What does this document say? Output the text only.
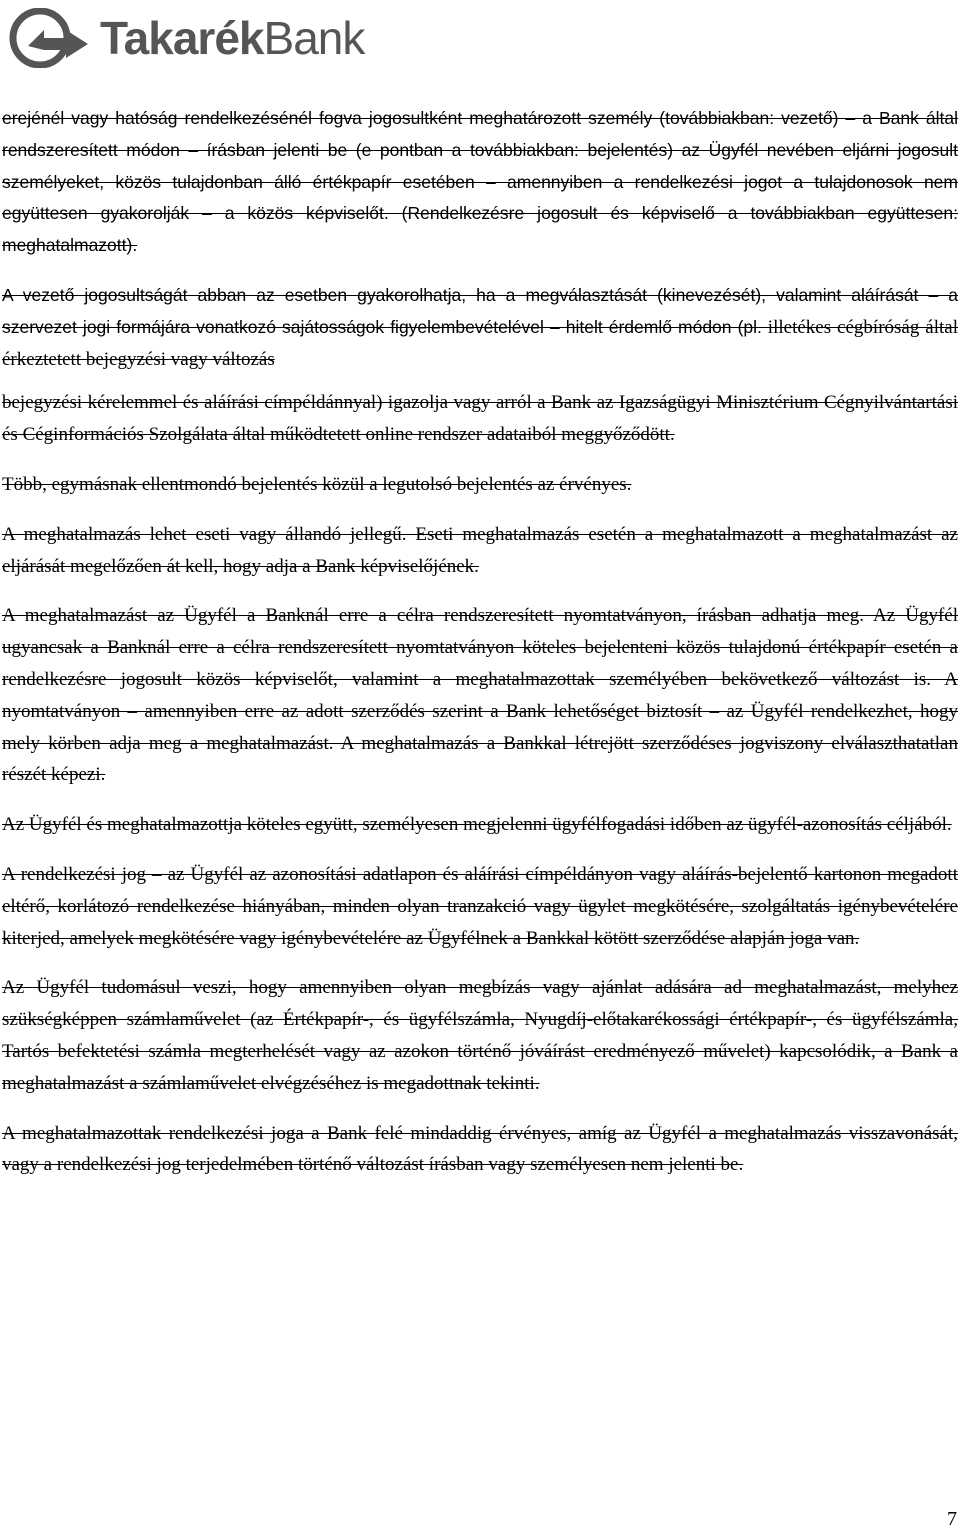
TakarékBank

erejénél vagy hatóság rendelkezésénél fogva jogosultként meghatározott személy (továbbiakban: vezető) – a Bank által rendszeresített módon – írásban jelenti be (e pontban a továbbiakban: bejelentés) az Ügyfél nevében eljárni jogosult személyeket, közös tulajdonban álló értékpapír esetében – amennyiben a rendelkezési jogot a tulajdonosok nem együttesen gyakorolják – a közös képviselőt. (Rendelkezésre jogosult és képviselő a továbbiakban együttesen: meghatalmazott).

A vezető jogosultságát abban az esetben gyakorolhatja, ha a megválasztását (kinevezését), valamint aláírását – a szervezet jogi formájára vonatkozó sajátosságok figyelembevételével – hitelt érdemlő módon (pl. illetékes cégbíróság által érkeztetett bejegyzési vagy változás

bejegyzési kérelemmel és aláírási címpéldánnyal) igazolja vagy arról a Bank az Igazságügyi Minisztérium Cégnyilvántartási és Céginformációs Szolgálata által működtetett online rendszer adataiból meggyőződött.

Több, egymásnak ellentmondó bejelentés közül a legutolsó bejelentés az érvényes.

A meghatalmazás lehet eseti vagy állandó jellegű. Eseti meghatalmazás esetén a meghatalmazott a meghatalmazást az eljárását megelőzően át kell, hogy adja a Bank képviselőjének.

A meghatalmazást az Ügyfél a Banknál erre a célra rendszeresített nyomtatványon, írásban adhatja meg. Az Ügyfél ugyancsak a Banknál erre a célra rendszeresített nyomtatványon köteles bejelenteni közös tulajdonú értékpapír esetén a rendelkezésre jogosult közös képviselőt, valamint a meghatalmazottak személyében bekövetkező változást is. A nyomtatványon – amennyiben erre az adott szerződés szerint a Bank lehetőséget biztosít – az Ügyfél rendelkezhet, hogy mely körben adja meg a meghatalmazást. A meghatalmazás a Bankkal létrejött szerződéses jogviszony elválaszthatatlan részét képezi.

Az Ügyfél és meghatalmazottja köteles együtt, személyesen megjelenni ügyfélfogadási időben az ügyfél-azonosítás céljából.

A rendelkezési jog – az Ügyfél az azonosítási adatlapon és aláírási címpéldányon vagy aláírás-bejelentő kartonon megadott eltérő, korlátozó rendelkezése hiányában, minden olyan tranzakció vagy ügylet megkötésére, szolgáltatás igénybevételére kiterjed, amelyek megkötésére vagy igénybevételére az Ügyfélnek a Bankkal kötött szerződése alapján joga van.

Az Ügyfél tudomásul veszi, hogy amennyiben olyan megbízás vagy ajánlat adására ad meghatalmazást, melyhez szükségképpen számlaművelet (az Értékpapír-, és ügyfélszámla, Nyugdíj-előtakarékossági értékpapír-, és ügyfélszámla, Tartós befektetési számla megterhelését vagy az azokon történő jóváírást eredményező művelet) kapcsolódik, a Bank a meghatalmazást a számlaművelet elvégzéséhez is megadottnak tekinti.

A meghatalmazottak rendelkezési joga a Bank felé mindaddig érvényes, amíg az Ügyfél a meghatalmazás visszavonását, vagy a rendelkezési jog terjedelmében történő változást írásban vagy személyesen nem jelenti be.

7
